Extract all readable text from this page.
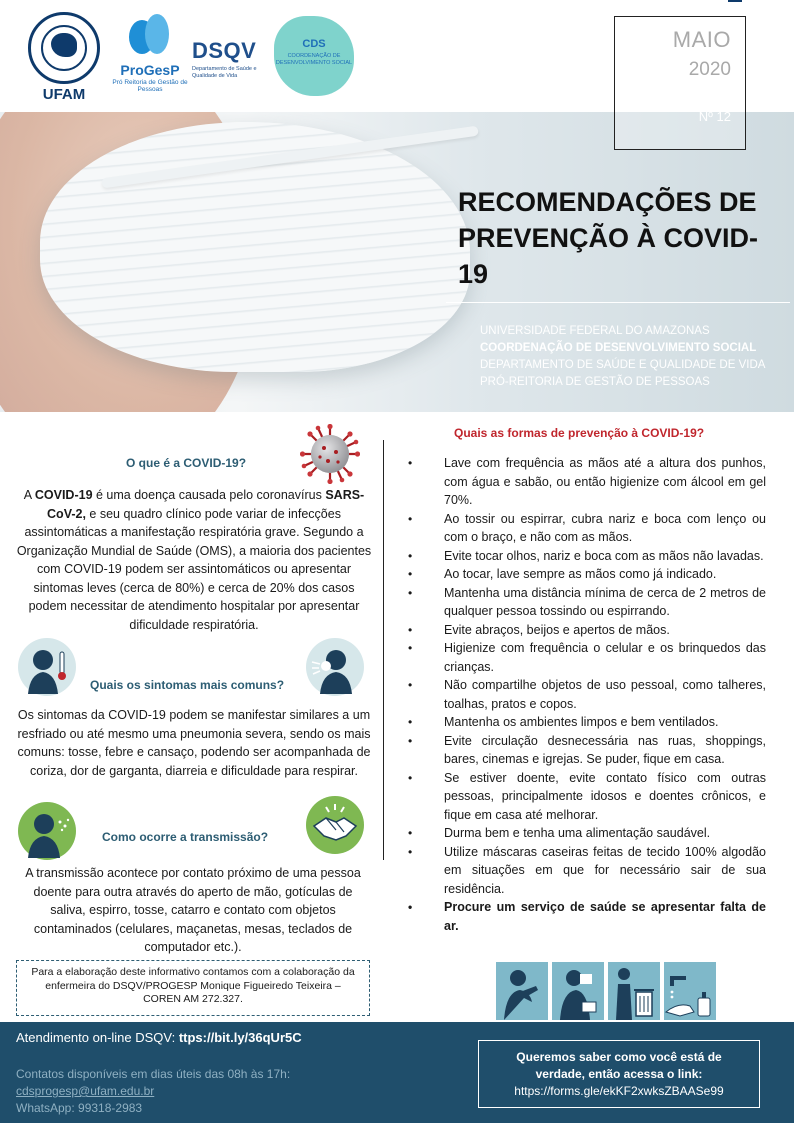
UFAM
ProGesP
Pró Reitoria de Gestão de Pessoas
DSQV
Departamento de Saúde e Qualidade de Vida
CDS
COORDENAÇÃO DE DESENVOLVIMENTO SOCIAL
MAIO
2020
Nº 12
RECOMENDAÇÕES DE
PREVENÇÃO À COVID-19
UNIVERSIDADE FEDERAL DO AMAZONAS
COORDENAÇÃO DE DESENVOLVIMENTO SOCIAL
DEPARTAMENTO DE SAÚDE E QUALIDADE DE VIDA
PRÓ-REITORIA DE GESTÃO DE PESSOAS
O que é a COVID-19?
A COVID-19 é uma doença causada pelo coronavírus SARS-CoV-2, e seu quadro clínico pode variar de infecções assintomáticas a manifestação respiratória grave. Segundo a Organização Mundial de Saúde (OMS), a maioria dos pacientes com COVID-19 podem ser assintomáticos ou apresentar sintomas leves (cerca de 80%) e cerca de 20% dos casos podem necessitar de atendimento hospitalar por apresentar dificuldade respiratória.
Quais os sintomas mais comuns?
Os sintomas da COVID-19 podem se manifestar similares a um resfriado ou até mesmo uma pneumonia severa, sendo os mais comuns: tosse, febre e cansaço, podendo ser acompanhada de coriza, dor de garganta, diarreia e dificuldade para respirar.
Como ocorre a transmissão?
A transmissão acontece por contato próximo de uma pessoa doente para outra através do aperto de mão, gotículas de saliva, espirro, tosse, catarro e contato com objetos contaminados (celulares, maçanetas, mesas, teclados de computador etc.).
Para a elaboração deste informativo contamos com a colaboração da enfermeira do DSQV/PROGESP Monique Figueiredo Teixeira – COREN AM 272.327.
Quais as formas de prevenção à COVID-19?
•	Lave com frequência as mãos até a altura dos punhos, com água e sabão, ou então higienize com álcool em gel 70%.
•	Ao tossir ou espirrar, cubra nariz e boca com lenço ou com o braço, e não com as mãos.
•	Evite tocar olhos, nariz e boca com as mãos não lavadas.
•	Ao tocar, lave sempre as mãos como já indicado.
•	Mantenha uma distância mínima de cerca de 2 metros de qualquer pessoa tossindo ou espirrando.
•	Evite abraços, beijos e apertos de mãos.
•	Higienize com frequência o celular e os brinquedos das crianças.
•	Não compartilhe objetos de uso pessoal, como talheres, toalhas, pratos e copos.
•	Mantenha os ambientes limpos e bem ventilados.
•	Evite circulação desnecessária nas ruas, shoppings, bares, cinemas e igrejas. Se puder, fique em casa.
•	Se estiver doente, evite contato físico com outras pessoas, principalmente idosos e doentes crônicos, e fique em casa até melhorar.
•	Durma bem e tenha uma alimentação saudável.
•	Utilize máscaras caseiras feitas de tecido 100% algodão em situações em que for necessário sair de sua residência.
•	Procure um serviço de saúde se apresentar falta de ar.
Atendimento on-line DSQV: ttps://bit.ly/36qUr5C
Contatos disponíveis em dias úteis das 08h às 17h:
cdsprogesp@ufam.edu.br
WhatsApp: 99318-2983
Queremos saber como você está de
verdade, então acessa o link:
https://forms.gle/ekKF2xwksZBAASe99
